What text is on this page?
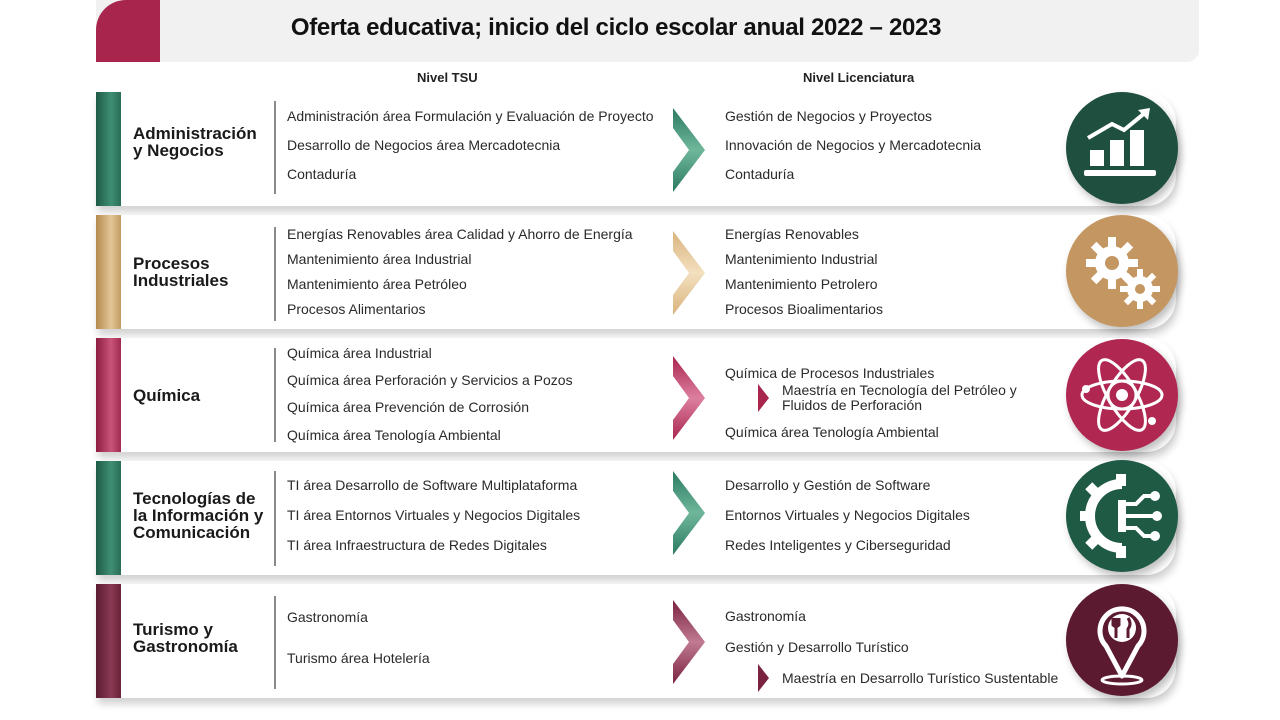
Oferta educativa; inicio del ciclo escolar anual 2022 – 2023
Nivel TSU	Nivel Licenciatura
Administración y Negocios
Administración área Formulación y Evaluación de Proyecto
Desarrollo de Negocios área Mercadotecnia
Contaduría
Gestión de Negocios y Proyectos
Innovación de Negocios y Mercadotecnia
Contaduría
Procesos Industriales
Energías Renovables área Calidad y Ahorro de Energía
Mantenimiento área Industrial
Mantenimiento área Petróleo
Procesos Alimentarios
Energías Renovables
Mantenimiento Industrial
Mantenimiento Petrolero
Procesos Bioalimentarios
Química
Química área Industrial
Química área Perforación y Servicios a Pozos
Química área Prevención de Corrosión
Química área Tenología Ambiental
Química de Procesos Industriales
Maestría en Tecnología del Petróleo y Fluidos de Perforación
Química área Tenología Ambiental
Tecnologías de la Información y Comunicación
TI área Desarrollo de Software Multiplataforma
TI área Entornos Virtuales y Negocios Digitales
TI área Infraestructura de Redes Digitales
Desarrollo y Gestión de Software
Entornos Virtuales y Negocios Digitales
Redes Inteligentes y Ciberseguridad
Turismo y Gastronomía
Gastronomía
Turismo área Hotelería
Gastronomía
Gestión y Desarrollo Turístico
Maestría en Desarrollo Turístico Sustentable
